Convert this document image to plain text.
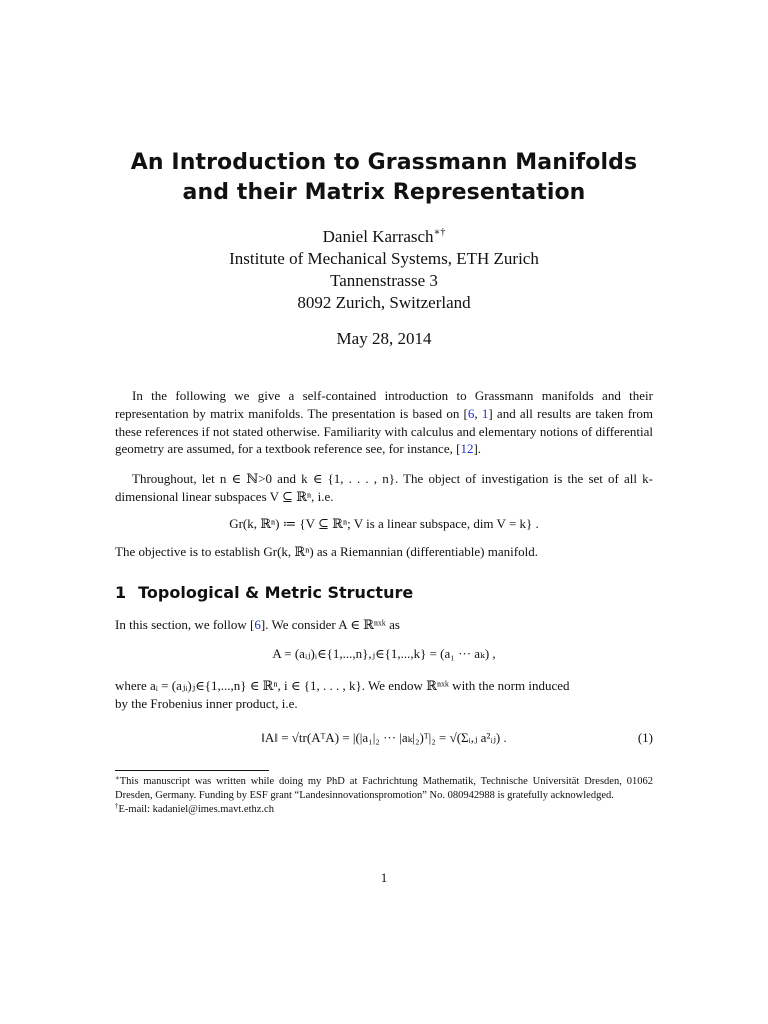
An Introduction to Grassmann Manifolds
and their Matrix Representation
Daniel Karrasch∗†
Institute of Mechanical Systems, ETH Zurich
Tannenstrasse 3
8092 Zurich, Switzerland
May 28, 2014
In the following we give a self-contained introduction to Grassmann manifolds and their representation by matrix manifolds. The presentation is based on [6, 1] and all results are taken from these references if not stated otherwise. Familiarity with calculus and elementary notions of differential geometry are assumed, for a textbook reference see, for instance, [12].
Throughout, let n ∈ ℕ>0 and k ∈ {1, . . . , n}. The object of investigation is the set of all k-dimensional linear subspaces V ⊆ ℝⁿ, i.e.
Gr(k, ℝⁿ) ≔ {V ⊆ ℝⁿ; V is a linear subspace, dim V = k} .
The objective is to establish Gr(k, ℝⁿ) as a Riemannian (differentiable) manifold.
1 Topological & Metric Structure
In this section, we follow [6]. We consider A ∈ ℝⁿˣᵏ as
A = (aᵢⱼ)ᵢ∈{1,...,n},ⱼ∈{1,...,k} = (a₁ ··· aₖ) ,
where aᵢ = (aⱼᵢ)ⱼ∈{1,...,n} ∈ ℝⁿ, i ∈ {1, . . . , k}. We endow ℝⁿˣᵏ with the norm induced
by the Frobenius inner product, i.e.
‖A‖ = √tr(AᵀA) = |(|a₁|₂ ··· |aₖ|₂)ᵀ|₂ = √(Σᵢ,ⱼ a²ᵢⱼ) .	(1)
∗This manuscript was written while doing my PhD at Fachrichtung Mathematik, Technische Universität Dresden, 01062 Dresden, Germany. Funding by ESF grant “Landesinnovationspromotion” No. 080942988 is gratefully acknowledged.
†E-mail: kadaniel@imes.mavt.ethz.ch
1
